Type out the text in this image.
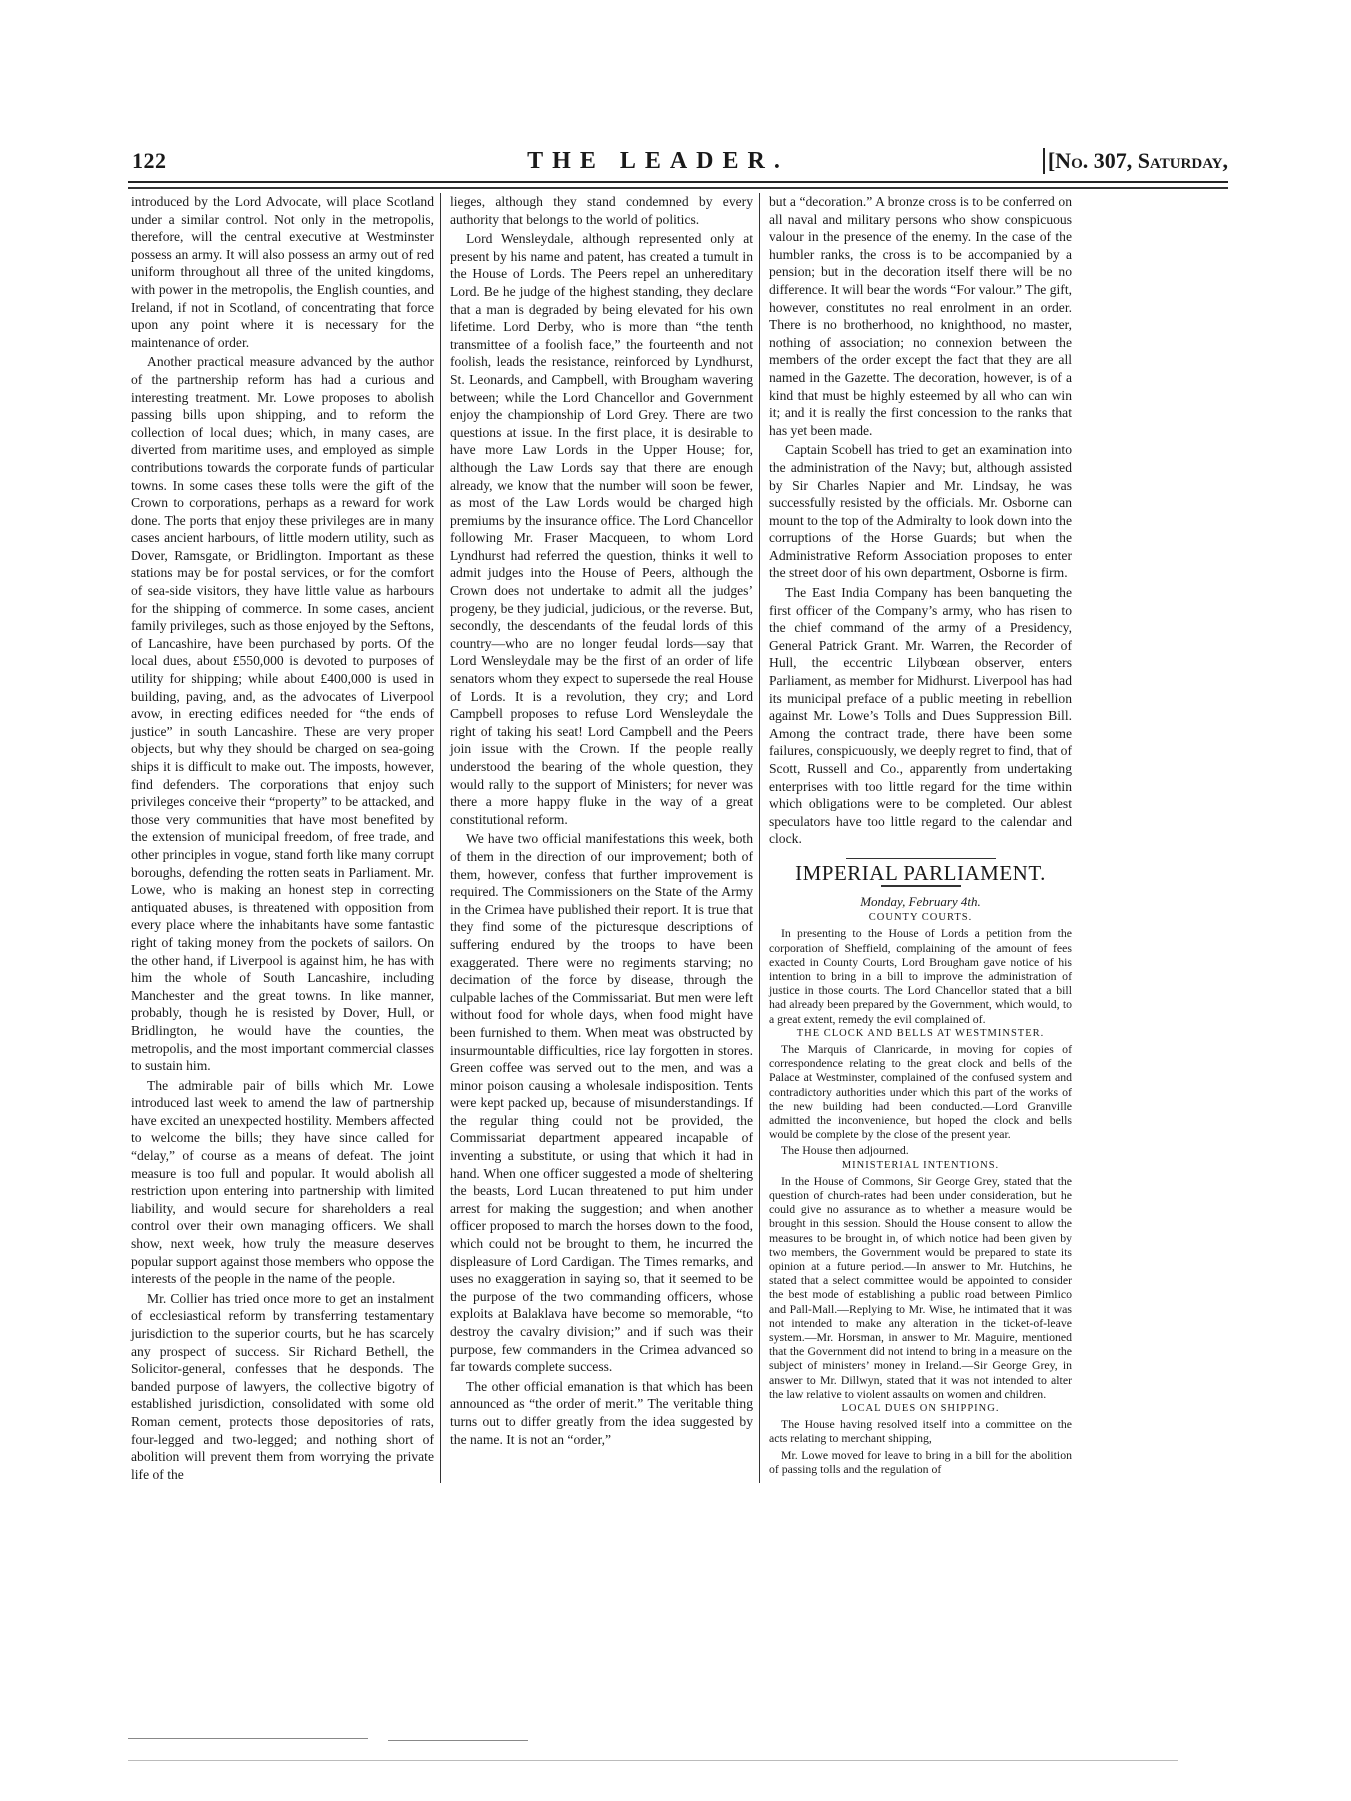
122	THE LEADER.	[No. 307, Saturday,

introduced by the Lord Advocate, will place Scotland under a similar control. Not only in the metropolis, therefore, will the central executive at Westminster possess an army. It will also possess an army out of red uniform throughout all three of the united kingdoms, with power in the metropolis, the English counties, and Ireland, if not in Scotland, of concentrating that force upon any point where it is necessary for the maintenance of order.

Another practical measure advanced by the author of the partnership reform has had a curious and interesting treatment. Mr. Lowe proposes to abolish passing bills upon shipping, and to reform the collection of local dues; which, in many cases, are diverted from maritime uses, and employed as simple contributions towards the corporate funds of particular towns. In some cases these tolls were the gift of the Crown to corporations, perhaps as a reward for work done. The ports that enjoy these privileges are in many cases ancient harbours, of little modern utility, such as Dover, Ramsgate, or Bridlington. Important as these stations may be for postal services, or for the comfort of sea-side visitors, they have little value as harbours for the shipping of commerce. In some cases, ancient family privileges, such as those enjoyed by the Seftons, of Lancashire, have been purchased by ports. Of the local dues, about £550,000 is devoted to purposes of utility for shipping; while about £400,000 is used in building, paving, and, as the advocates of Liverpool avow, in erecting edifices needed for “the ends of justice” in south Lancashire. These are very proper objects, but why they should be charged on sea-going ships it is difficult to make out. The imposts, however, find defenders. The corporations that enjoy such privileges conceive their “property” to be attacked, and those very communities that have most benefited by the extension of municipal freedom, of free trade, and other principles in vogue, stand forth like many corrupt boroughs, defending the rotten seats in Parliament. Mr. Lowe, who is making an honest step in correcting antiquated abuses, is threatened with opposition from every place where the inhabitants have some fantastic right of taking money from the pockets of sailors. On the other hand, if Liverpool is against him, he has with him the whole of South Lancashire, including Manchester and the great towns. In like manner, probably, though he is resisted by Dover, Hull, or Bridlington, he would have the counties, the metropolis, and the most important commercial classes to sustain him.

The admirable pair of bills which Mr. Lowe introduced last week to amend the law of partnership have excited an unexpected hostility. Members affected to welcome the bills; they have since called for “delay,” of course as a means of defeat. The joint measure is too full and popular. It would abolish all restriction upon entering into partnership with limited liability, and would secure for shareholders a real control over their own managing officers. We shall show, next week, how truly the measure deserves popular support against those members who oppose the interests of the people in the name of the people.

Mr. Collier has tried once more to get an instalment of ecclesiastical reform by transferring testamentary jurisdiction to the superior courts, but he has scarcely any prospect of success. Sir Richard Bethell, the Solicitor-general, confesses that he desponds. The banded purpose of lawyers, the collective bigotry of established jurisdiction, consolidated with some old Roman cement, protects those depositories of rats, four-legged and two-legged; and nothing short of abolition will prevent them from worrying the private life of the

lieges, although they stand condemned by every authority that belongs to the world of politics.

Lord Wensleydale, although represented only at present by his name and patent, has created a tumult in the House of Lords. The Peers repel an unhereditary Lord. Be he judge of the highest standing, they declare that a man is degraded by being elevated for his own lifetime. Lord Derby, who is more than “the tenth transmittee of a foolish face,” the fourteenth and not foolish, leads the resistance, reinforced by Lyndhurst, St. Leonards, and Campbell, with Brougham wavering between; while the Lord Chancellor and Government enjoy the championship of Lord Grey. There are two questions at issue. In the first place, it is desirable to have more Law Lords in the Upper House; for, although the Law Lords say that there are enough already, we know that the number will soon be fewer, as most of the Law Lords would be charged high premiums by the insurance office. The Lord Chancellor following Mr. Fraser Macqueen, to whom Lord Lyndhurst had referred the question, thinks it well to admit judges into the House of Peers, although the Crown does not undertake to admit all the judges’ progeny, be they judicial, judicious, or the reverse. But, secondly, the descendants of the feudal lords of this country—who are no longer feudal lords—say that Lord Wensleydale may be the first of an order of life senators whom they expect to supersede the real House of Lords. It is a revolution, they cry; and Lord Campbell proposes to refuse Lord Wensleydale the right of taking his seat! Lord Campbell and the Peers join issue with the Crown. If the people really understood the bearing of the whole question, they would rally to the support of Ministers; for never was there a more happy fluke in the way of a great constitutional reform.

We have two official manifestations this week, both of them in the direction of our improvement; both of them, however, confess that further improvement is required. The Commissioners on the State of the Army in the Crimea have published their report. It is true that they find some of the picturesque descriptions of suffering endured by the troops to have been exaggerated. There were no regiments starving; no decimation of the force by disease, through the culpable laches of the Commissariat. But men were left without food for whole days, when food might have been furnished to them. When meat was obstructed by insurmountable difficulties, rice lay forgotten in stores. Green coffee was served out to the men, and was a minor poison causing a wholesale indisposition. Tents were kept packed up, because of misunderstandings. If the regular thing could not be provided, the Commissariat department appeared incapable of inventing a substitute, or using that which it had in hand. When one officer suggested a mode of sheltering the beasts, Lord Lucan threatened to put him under arrest for making the suggestion; and when another officer proposed to march the horses down to the food, which could not be brought to them, he incurred the displeasure of Lord Cardigan. The Times remarks, and uses no exaggeration in saying so, that it seemed to be the purpose of the two commanding officers, whose exploits at Balaklava have become so memorable, “to destroy the cavalry division;” and if such was their purpose, few commanders in the Crimea advanced so far towards complete success.

The other official emanation is that which has been announced as “the order of merit.” The veritable thing turns out to differ greatly from the idea suggested by the name. It is not an “order,”

but a “decoration.” A bronze cross is to be conferred on all naval and military persons who show conspicuous valour in the presence of the enemy. In the case of the humbler ranks, the cross is to be accompanied by a pension; but in the decoration itself there will be no difference. It will bear the words “For valour.” The gift, however, constitutes no real enrolment in an order. There is no brotherhood, no knighthood, no master, nothing of association; no connexion between the members of the order except the fact that they are all named in the Gazette. The decoration, however, is of a kind that must be highly esteemed by all who can win it; and it is really the first concession to the ranks that has yet been made.

Captain Scobell has tried to get an examination into the administration of the Navy; but, although assisted by Sir Charles Napier and Mr. Lindsay, he was successfully resisted by the officials. Mr. Osborne can mount to the top of the Admiralty to look down into the corruptions of the Horse Guards; but when the Administrative Reform Association proposes to enter the street door of his own department, Osborne is firm.

The East India Company has been banqueting the first officer of the Company’s army, who has risen to the chief command of the army of a Presidency, General Patrick Grant. Mr. Warren, the Recorder of Hull, the eccentric Lilybœan observer, enters Parliament, as member for Midhurst. Liverpool has had its municipal preface of a public meeting in rebellion against Mr. Lowe’s Tolls and Dues Suppression Bill. Among the contract trade, there have been some failures, conspicuously, we deeply regret to find, that of Scott, Russell and Co., apparently from undertaking enterprises with too little regard for the time within which obligations were to be completed. Our ablest speculators have too little regard to the calendar and clock.

IMPERIAL PARLIAMENT.
Monday, February 4th.
COUNTY COURTS.

In presenting to the House of Lords a petition from the corporation of Sheffield, complaining of the amount of fees exacted in County Courts, Lord Brougham gave notice of his intention to bring in a bill to improve the administration of justice in those courts. The Lord Chancellor stated that a bill had already been prepared by the Government, which would, to a great extent, remedy the evil complained of.

THE CLOCK AND BELLS AT WESTMINSTER.

The Marquis of Clanricarde, in moving for copies of correspondence relating to the great clock and bells of the Palace at Westminster, complained of the confused system and contradictory authorities under which this part of the works of the new building had been conducted.—Lord Granville admitted the inconvenience, but hoped the clock and bells would be complete by the close of the present year.

The House then adjourned.

MINISTERIAL INTENTIONS.

In the House of Commons, Sir George Grey, stated that the question of church-rates had been under consideration, but he could give no assurance as to whether a measure would be brought in this session. Should the House consent to allow the measures to be brought in, of which notice had been given by two members, the Government would be prepared to state its opinion at a future period.—In answer to Mr. Hutchins, he stated that a select committee would be appointed to consider the best mode of establishing a public road between Pimlico and Pall-Mall.—Replying to Mr. Wise, he intimated that it was not intended to make any alteration in the ticket-of-leave system.—Mr. Horsman, in answer to Mr. Maguire, mentioned that the Government did not intend to bring in a measure on the subject of ministers’ money in Ireland.—Sir George Grey, in answer to Mr. Dillwyn, stated that it was not intended to alter the law relative to violent assaults on women and children.

LOCAL DUES ON SHIPPING.

The House having resolved itself into a committee on the acts relating to merchant shipping,

Mr. Lowe moved for leave to bring in a bill for the abolition of passing tolls and the regulation of
